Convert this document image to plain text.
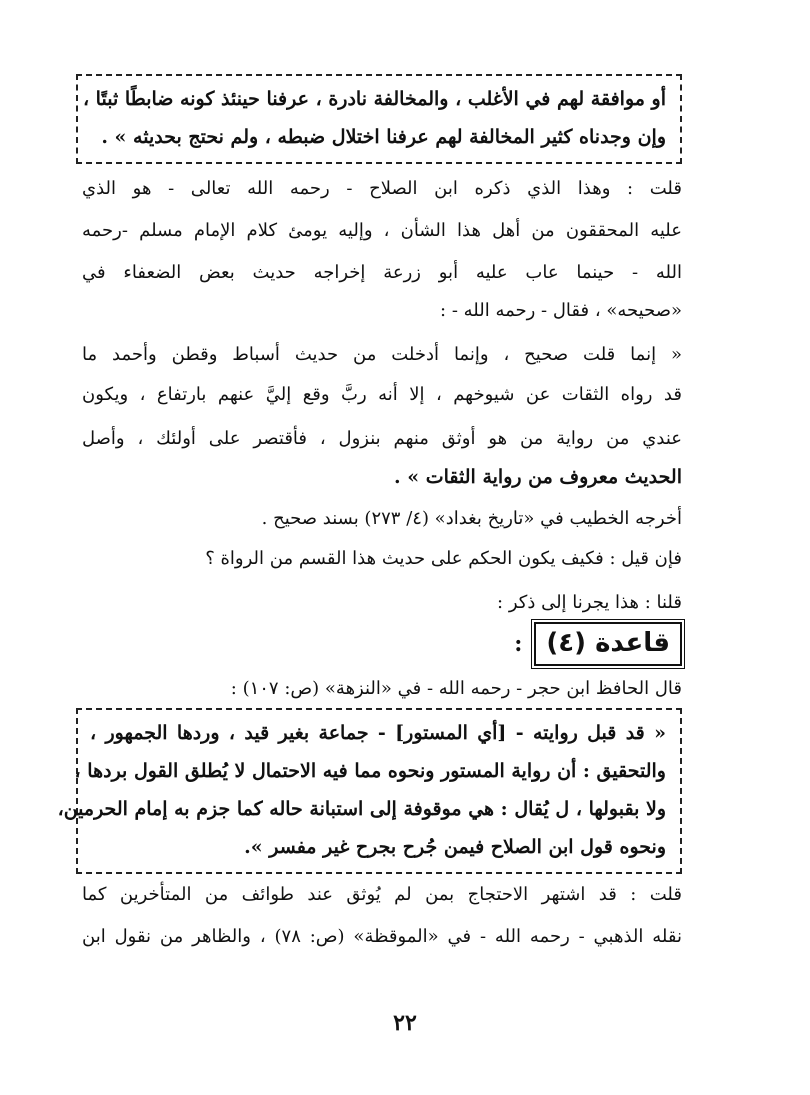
أو موافقة لهم في الأغلب ، والمخالفة نادرة ، عرفنا حينئذ كونه ضابطًا ثبتًا ،
وإن وجدناه كثير المخالفة لهم عرفنا اختلال ضبطه ، ولم نحتج بحديثه » .
قلت : وهذا الذي ذكره ابن الصلاح - رحمه الله تعالى - هو الذي
عليه المحققون من أهل هذا الشأن ، وإليه يومئ كلام الإمام مسلم -رحمه
الله - حينما عاب عليه أبو زرعة إخراجه حديث بعض الضعفاء في
«صحيحه» ، فقال - رحمه الله - :
« إنما قلت صحيح ، وإنما أدخلت من حديث أسباط وقطن وأحمد ما
قد رواه الثقات عن شيوخهم ، إلا أنه ربَّ وقع إليَّ عنهم بارتفاع ، ويكون
عندي من رواية من هو أوثق منهم بنزول ، فأقتصر على أولئك ، وأصل
الحديث معروف من رواية الثقات » .
أخرجه الخطيب في «تاريخ بغداد» (٤/ ٢٧٣) بسند صحيح .
فإن قيل : فكيف يكون الحكم على حديث هذا القسم من الرواة ؟
قلنا : هذا يجرنا إلى ذكر :
قاعدة (٤)
:
قال الحافظ ابن حجر - رحمه الله - في «النزهة» (ص: ١٠٧) :
« قد قبل روايته - [أي المستور] - جماعة بغير قيد ، وردها الجمهور ،
والتحقيق : أن رواية المستور ونحوه مما فيه الاحتمال لا يُطلق القول بردها ،
ولا بقبولها ، ل يُقال : هي موقوفة إلى استبانة حاله كما جزم به إمام الحرمين،
ونحوه قول ابن الصلاح فيمن جُرح بجرح غير مفسر ».
قلت : قد اشتهر الاحتجاج بمن لم يُوثق عند طوائف من المتأخرين كما
نقله الذهبي - رحمه الله - في «الموقظة» (ص: ٧٨) ، والظاهر من نقول ابن
٢٢
